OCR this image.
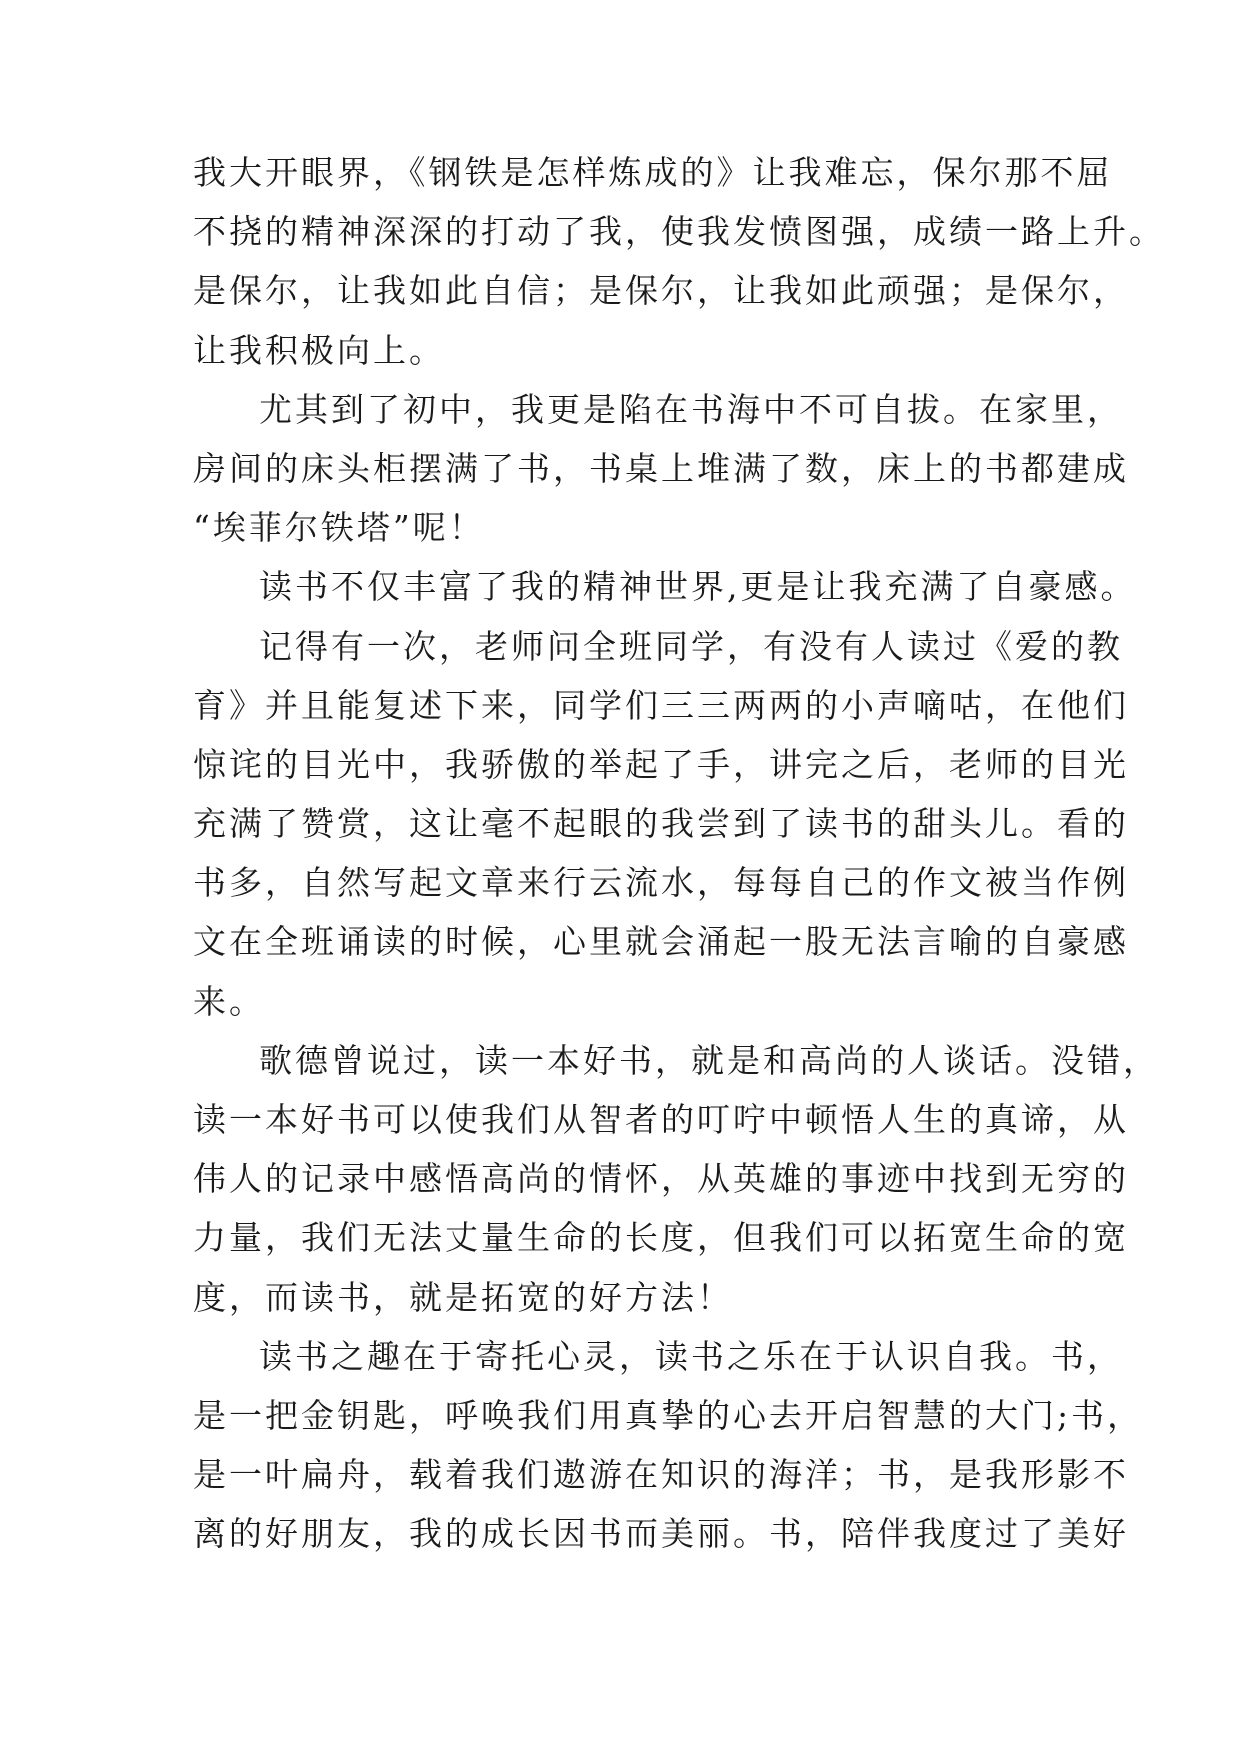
我大开眼界，《钢铁是怎样炼成的》让我难忘，保尔那不屈
不挠的精神深深的打动了我，使我发愤图强，成绩一路上升。
是保尔，让我如此自信；是保尔，让我如此顽强；是保尔，
让我积极向上。
尤其到了初中，我更是陷在书海中不可自拔。在家里，
房间的床头柜摆满了书，书桌上堆满了数，床上的书都建成
“埃菲尔铁塔”呢！
读书不仅丰富了我的精神世界,更是让我充满了自豪感。
记得有一次，老师问全班同学，有没有人读过《爱的教
育》并且能复述下来，同学们三三两两的小声嘀咕，在他们
惊诧的目光中，我骄傲的举起了手，讲完之后，老师的目光
充满了赞赏，这让毫不起眼的我尝到了读书的甜头儿。看的
书多，自然写起文章来行云流水，每每自己的作文被当作例
文在全班诵读的时候，心里就会涌起一股无法言喻的自豪感
来。
歌德曾说过，读一本好书，就是和高尚的人谈话。没错，
读一本好书可以使我们从智者的叮咛中顿悟人生的真谛，从
伟人的记录中感悟高尚的情怀，从英雄的事迹中找到无穷的
力量，我们无法丈量生命的长度，但我们可以拓宽生命的宽
度，而读书，就是拓宽的好方法！
读书之趣在于寄托心灵，读书之乐在于认识自我。书，
是一把金钥匙，呼唤我们用真挚的心去开启智慧的大门;书，
是一叶扁舟，载着我们遨游在知识的海洋；书，是我形影不
离的好朋友，我的成长因书而美丽。书，陪伴我度过了美好
